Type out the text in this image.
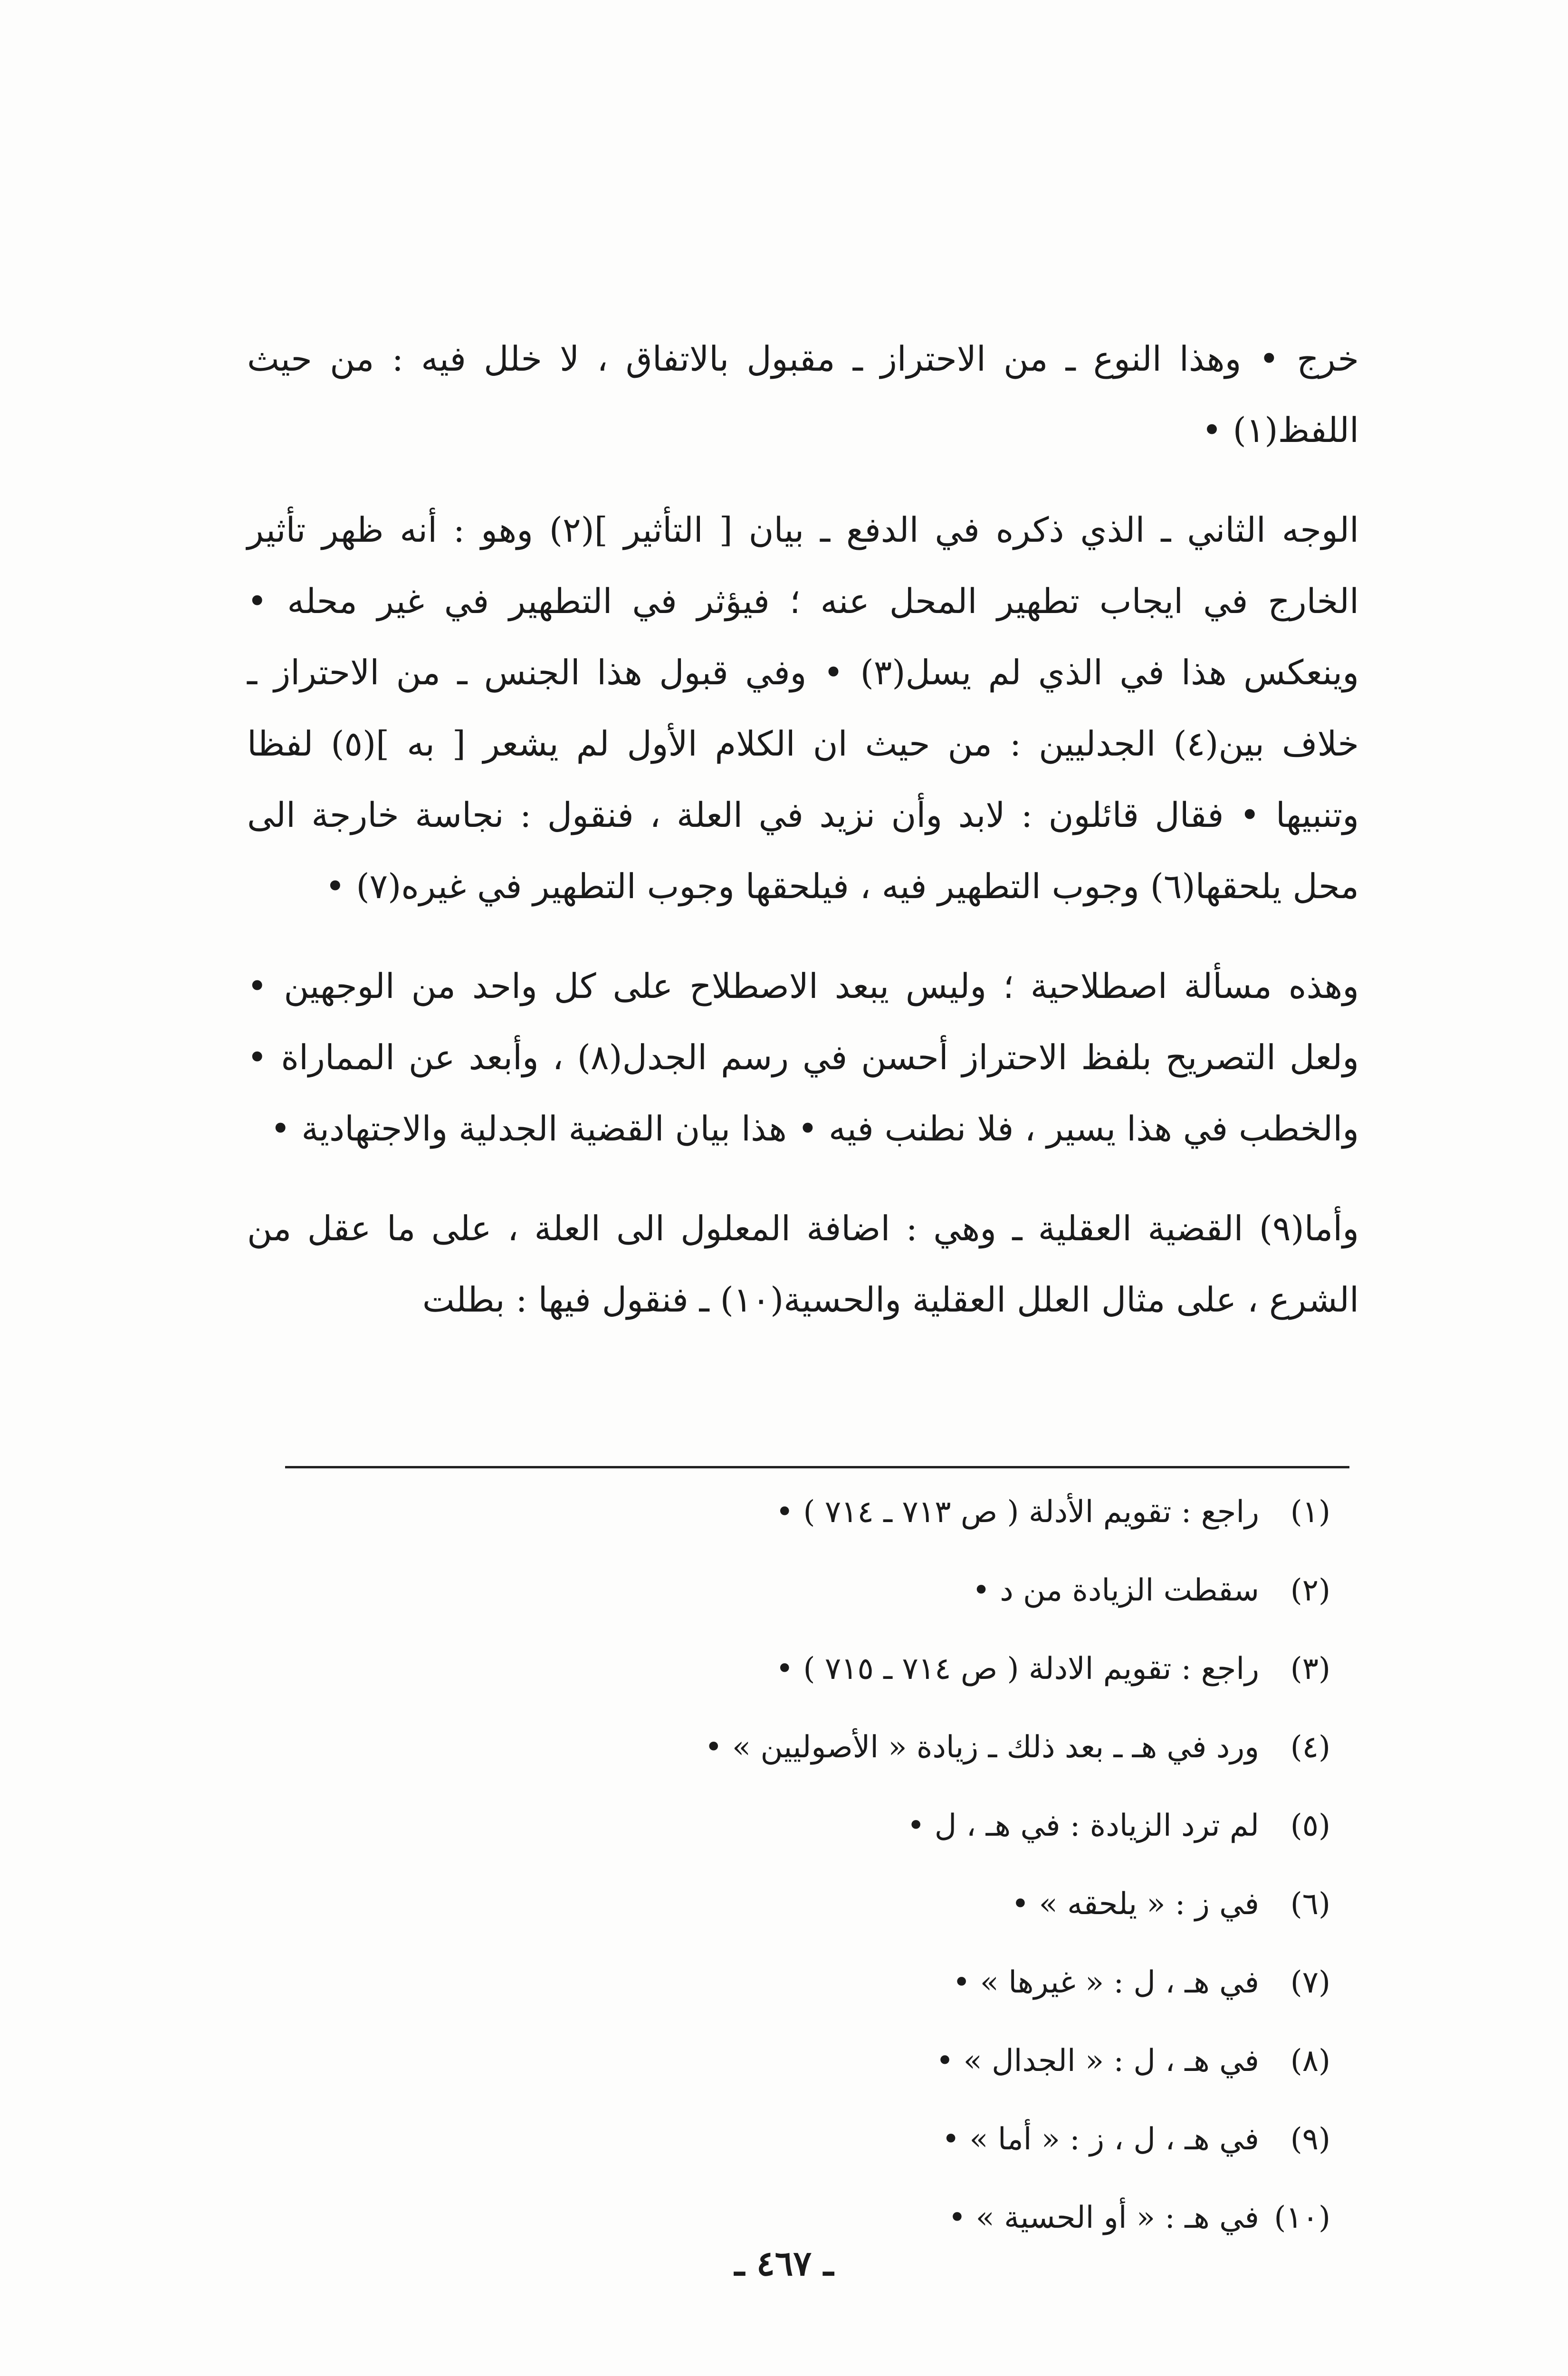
خرج • وهذا النوع ـ من الاحتراز ـ مقبول بالاتفاق ، لا خلل فيه : من حيث اللفظ(١) •

الوجه الثاني ـ الذي ذكره في الدفع ـ بيان [ التأثير ](٢) وهو : أنه ظهر تأثير الخارج في ايجاب تطهير المحل عنه ؛ فيؤثر في التطهير في غير محله • وينعكس هذا في الذي لم يسل(٣) • وفي قبول هذا الجنس ـ من الاحتراز ـ خلاف بين(٤) الجدليين : من حيث ان الكلام الأول لم يشعر [ به ](٥) لفظا وتنبيها • فقال قائلون : لابد وأن نزيد في العلة ، فنقول : نجاسة خارجة الى محل يلحقها(٦) وجوب التطهير فيه ، فيلحقها وجوب التطهير في غيره(٧) •

وهذه مسألة اصطلاحية ؛ وليس يبعد الاصطلاح على كل واحد من الوجهين • ولعل التصريح بلفظ الاحتراز أحسن في رسم الجدل(٨) ، وأبعد عن المماراة • والخطب في هذا يسير ، فلا نطنب فيه • هذا بيان القضية الجدلية والاجتهادية •

وأما(٩) القضية العقلية ـ وهي : اضافة المعلول الى العلة ، على ما عقل من الشرع ، على مثال العلل العقلية والحسية(١٠) ـ فنقول فيها : بطلت

(١)راجع : تقويم الأدلة ( ص ٧١٣ ـ ٧١٤ ) •
(٢)سقطت الزيادة من د •
(٣)راجع : تقويم الادلة ( ص ٧١٤ ـ ٧١٥ ) •
(٤)ورد في هـ ـ بعد ذلك ـ زيادة « الأصوليين » •
(٥)لم ترد الزيادة : في هـ ، ل •
(٦)في ز : « يلحقه » •
(٧)في هـ ، ل : « غيرها » •
(٨)في هـ ، ل : « الجدال » •
(٩)في هـ ، ل ، ز : « أما » •
(١٠)في هـ : « أو الحسية » •
ـ ٤٦٧ ـ
